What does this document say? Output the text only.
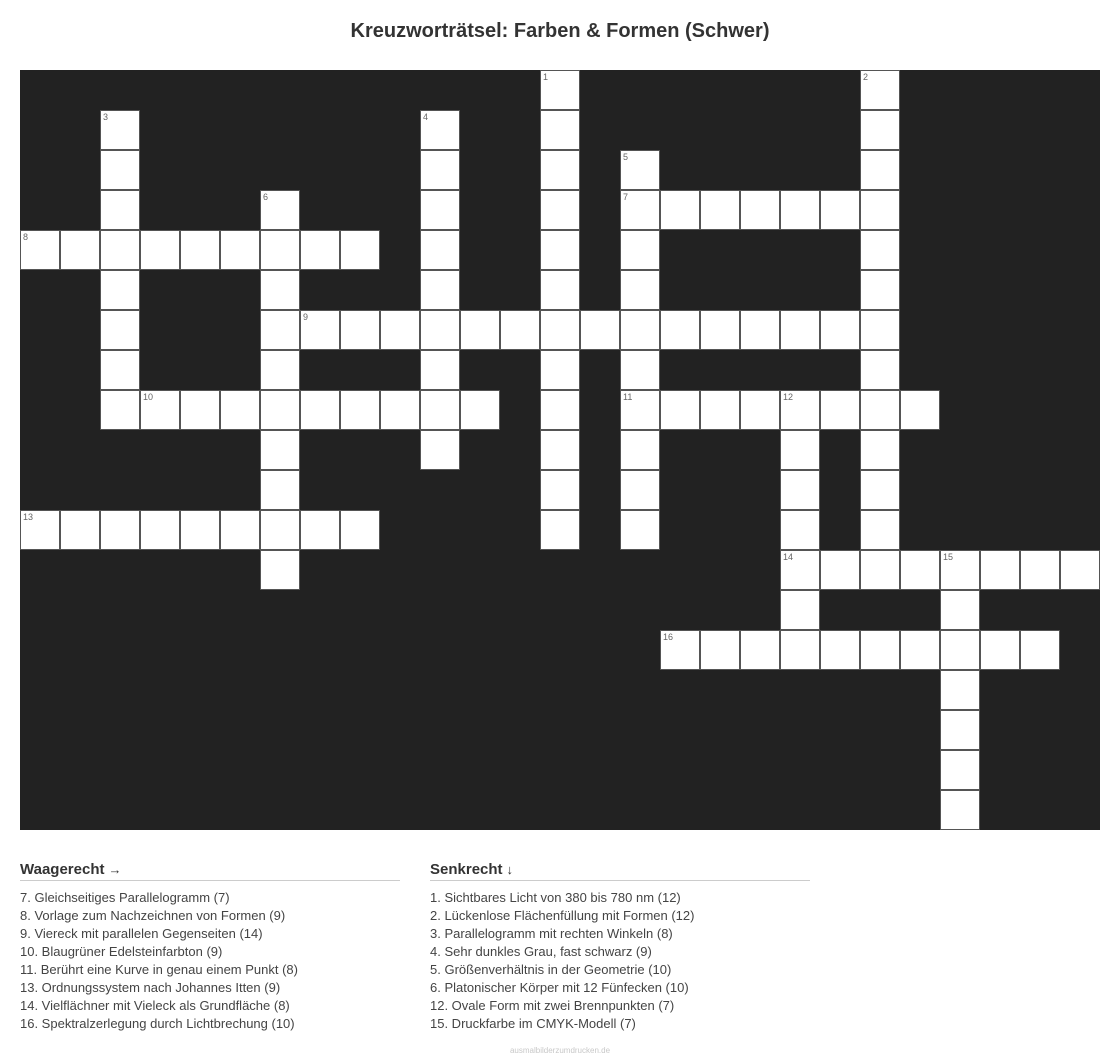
Kreuzworträtsel: Farben & Formen (Schwer)
1	2
3	4
5
7
11
6
8
9
10	12
14
13
15
16
Waagerecht →
7. Gleichseitiges Parallelogramm (7)
8. Vorlage zum Nachzeichnen von Formen (9)
9. Viereck mit parallelen Gegenseiten (14)
10. Blaugrüner Edelsteinfarbton (9)
11. Berührt eine Kurve in genau einem Punkt (8)
13. Ordnungssystem nach Johannes Itten (9)
14. Vielflächner mit Vieleck als Grundfläche (8)
16. Spektralzerlegung durch Lichtbrechung (10)
Senkrecht ↓
1. Sichtbares Licht von 380 bis 780 nm (12)
2. Lückenlose Flächenfüllung mit Formen (12)
3. Parallelogramm mit rechten Winkeln (8)
4. Sehr dunkles Grau, fast schwarz (9)
5. Größenverhältnis in der Geometrie (10)
6. Platonischer Körper mit 12 Fünfecken (10)
12. Ovale Form mit zwei Brennpunkten (7)
15. Druckfarbe im CMYK-Modell (7)
ausmalbilderzumdrucken.de
